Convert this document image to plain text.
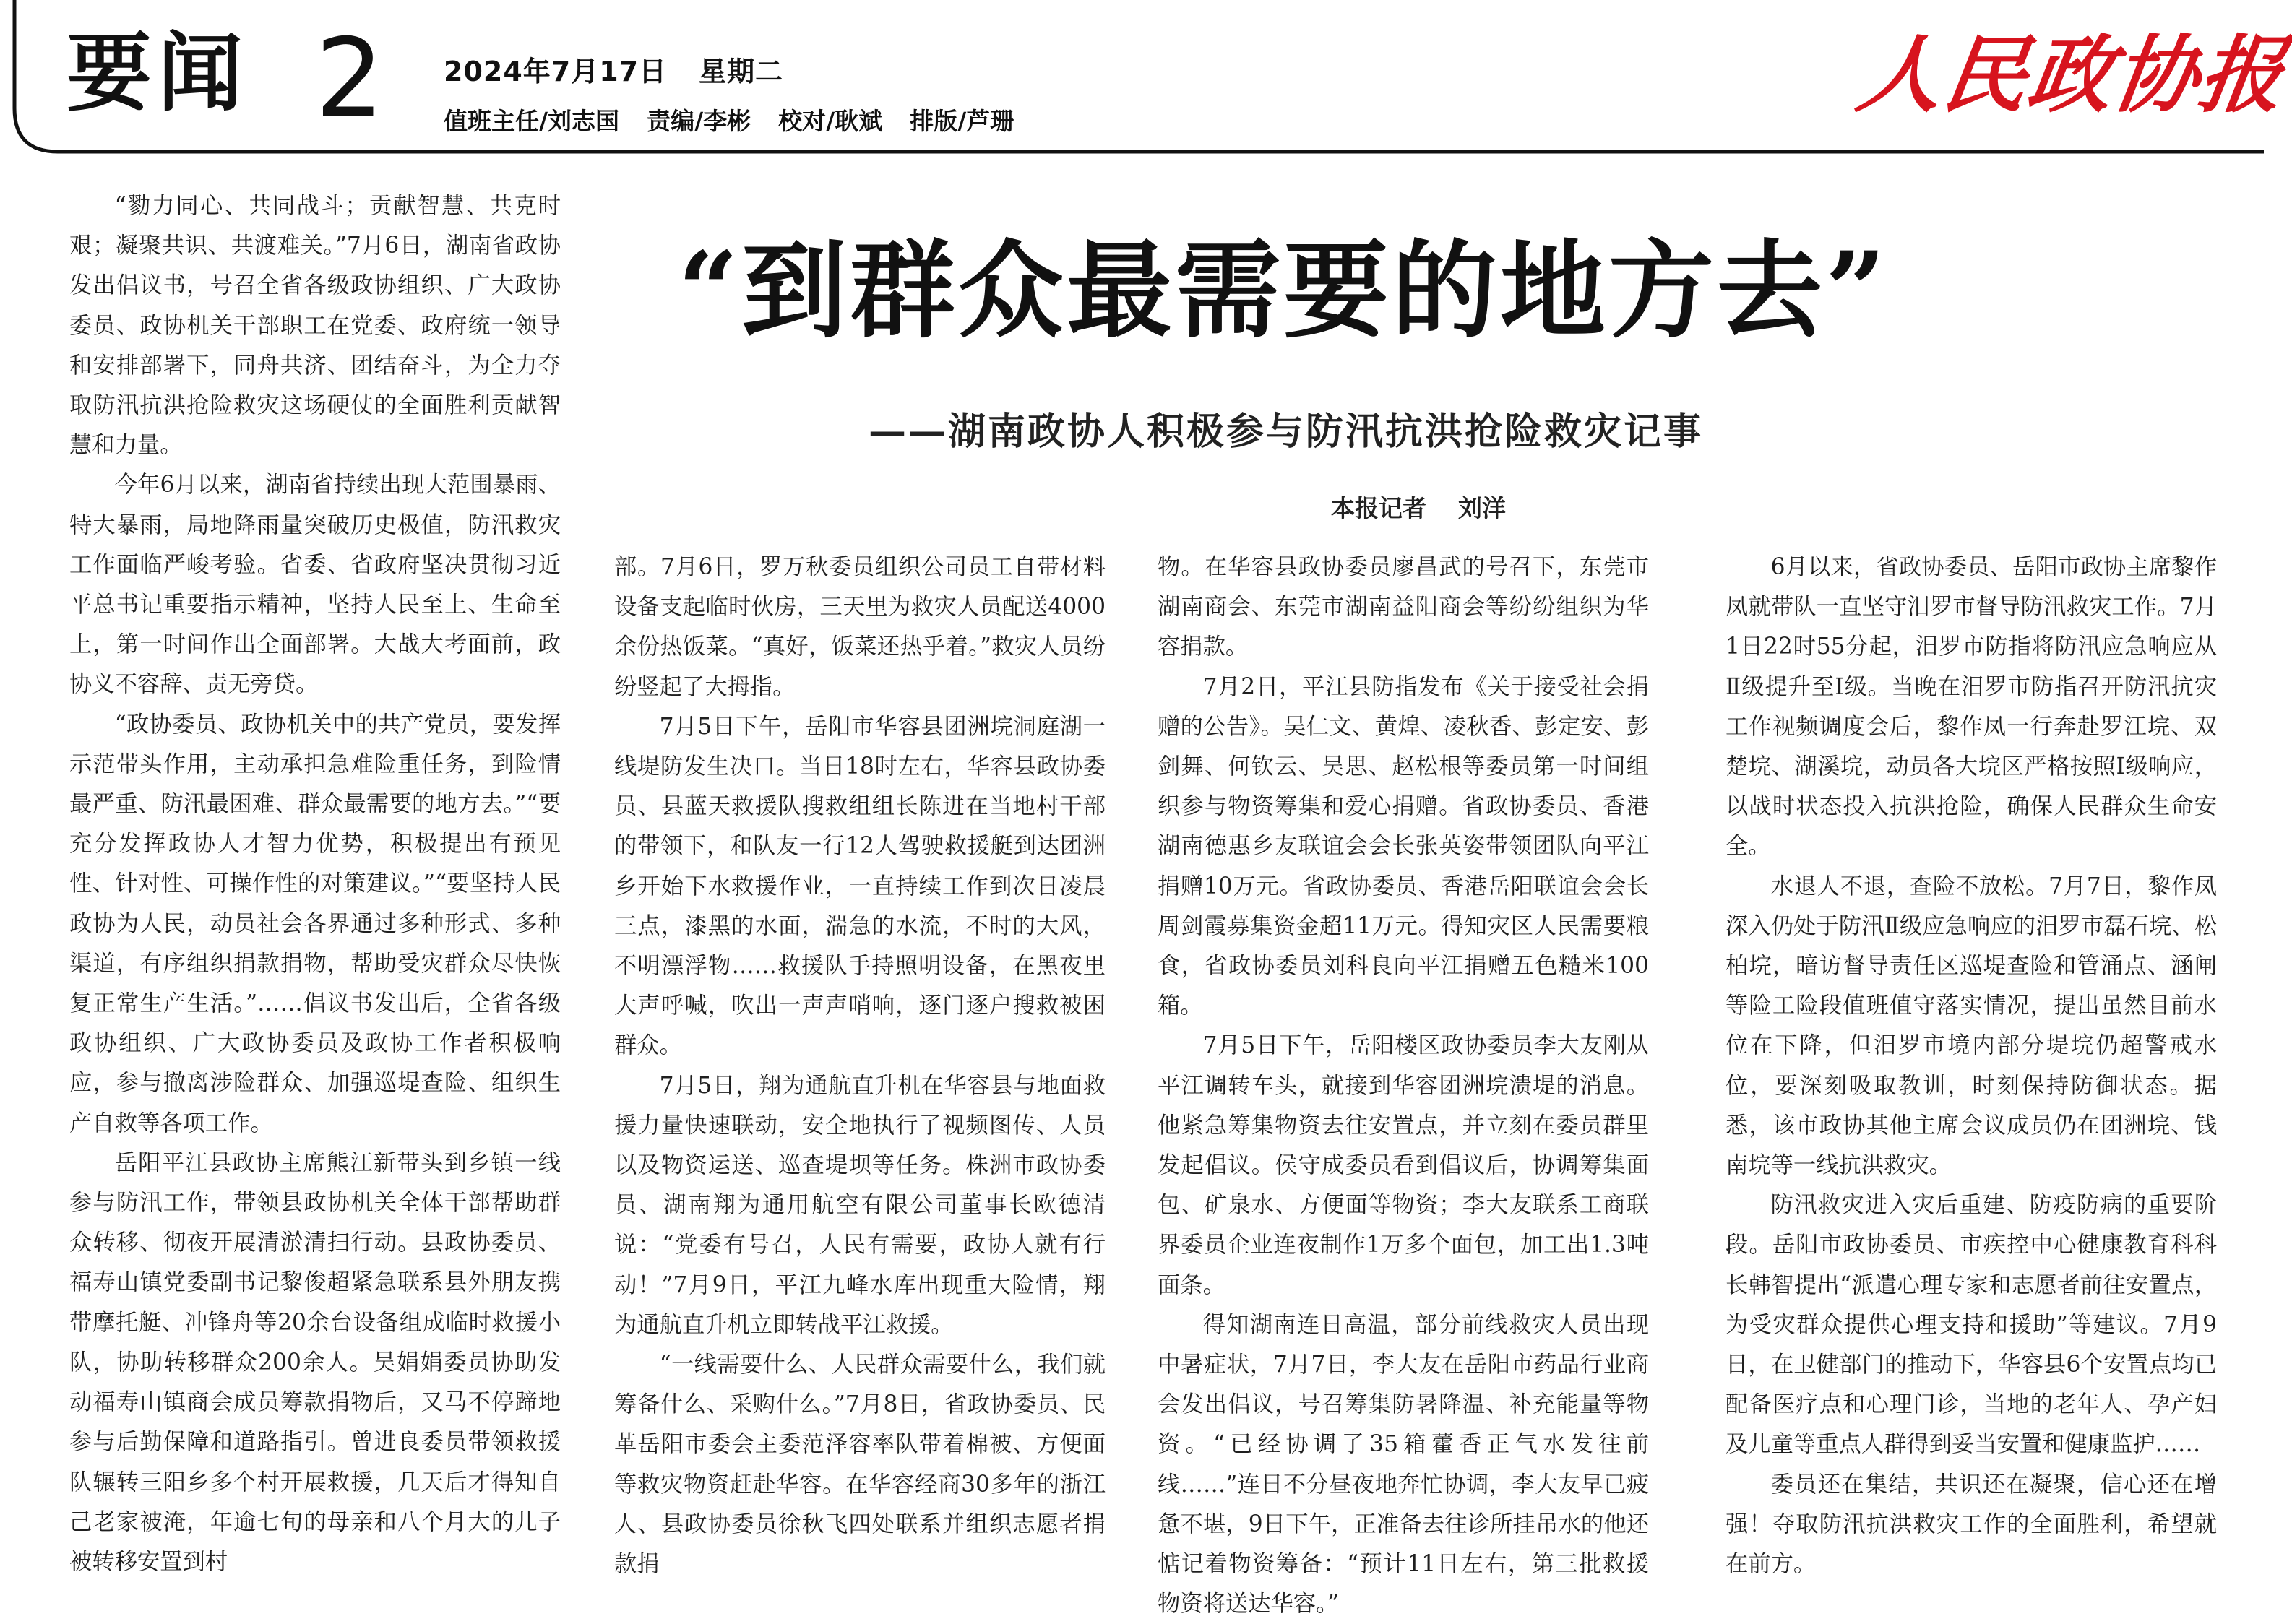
要闻 2 2024年7月17日 星期二
值班主任/刘志国 责编/李彬 校对/耿斌 排版/芦珊	人民政协报
“到群众最需要的地方去”
——湖南政协人积极参与防汛抗洪抢险救灾记事
本报记者 刘洋

“勠力同心、共同战斗；贡献智慧、共克时艰；凝聚共识、共渡难关。”7月6日，湖南省政协发出倡议书，号召全省各级政协组织、广大政协委员、政协机关干部职工在党委、政府统一领导和安排部署下，同舟共济、团结奋斗，为全力夺取防汛抗洪抢险救灾这场硬仗的全面胜利贡献智慧和力量。

今年6月以来，湖南省持续出现大范围暴雨、特大暴雨，局地降雨量突破历史极值，防汛救灾工作面临严峻考验。省委、省政府坚决贯彻习近平总书记重要指示精神，坚持人民至上、生命至上，第一时间作出全面部署。大战大考面前，政协义不容辞、责无旁贷。

“政协委员、政协机关中的共产党员，要发挥示范带头作用，主动承担急难险重任务，到险情最严重、防汛最困难、群众最需要的地方去。”“要充分发挥政协人才智力优势，积极提出有预见性、针对性、可操作性的对策建议。”“要坚持人民政协为人民，动员社会各界通过多种形式、多种渠道，有序组织捐款捐物，帮助受灾群众尽快恢复正常生产生活。”……倡议书发出后，全省各级政协组织、广大政协委员及政协工作者积极响应，参与撤离涉险群众、加强巡堤查险、组织生产自救等各项工作。

岳阳平江县政协主席熊江新带头到乡镇一线参与防汛工作，带领县政协机关全体干部帮助群众转移、彻夜开展清淤清扫行动。县政协委员、福寿山镇党委副书记黎俊超紧急联系县外朋友携带摩托艇、冲锋舟等20余台设备组成临时救援小队，协助转移群众200余人。吴娟娟委员协助发动福寿山镇商会成员筹款捐物后，又马不停蹄地参与后勤保障和道路指引。曾进良委员带领救援队辗转三阳乡多个村开展救援，几天后才得知自己老家被淹，年逾七旬的母亲和八个月大的儿子被转移安置到村

部。7月6日，罗万秋委员组织公司员工自带材料设备支起临时伙房，三天里为救灾人员配送4000余份热饭菜。“真好，饭菜还热乎着。”救灾人员纷纷竖起了大拇指。

7月5日下午，岳阳市华容县团洲垸洞庭湖一线堤防发生决口。当日18时左右，华容县政协委员、县蓝天救援队搜救组组长陈进在当地村干部的带领下，和队友一行12人驾驶救援艇到达团洲乡开始下水救援作业，一直持续工作到次日凌晨三点，漆黑的水面，湍急的水流，不时的大风，不明漂浮物……救援队手持照明设备，在黑夜里大声呼喊，吹出一声声哨响，逐门逐户搜救被困群众。

7月5日，翔为通航直升机在华容县与地面救援力量快速联动，安全地执行了视频图传、人员以及物资运送、巡查堤坝等任务。株洲市政协委员、湖南翔为通用航空有限公司董事长欧德清说：“党委有号召，人民有需要，政协人就有行动！”7月9日，平江九峰水库出现重大险情，翔为通航直升机立即转战平江救援。

“一线需要什么、人民群众需要什么，我们就筹备什么、采购什么。”7月8日，省政协委员、民革岳阳市委会主委范泽容率队带着棉被、方便面等救灾物资赶赴华容。在华容经商30多年的浙江人、县政协委员徐秋飞四处联系并组织志愿者捐款捐

物。在华容县政协委员廖昌武的号召下，东莞市湖南商会、东莞市湖南益阳商会等纷纷组织为华容捐款。

7月2日，平江县防指发布《关于接受社会捐赠的公告》。吴仁文、黄煌、凌秋香、彭定安、彭剑舞、何钦云、吴思、赵松根等委员第一时间组织参与物资筹集和爱心捐赠。省政协委员、香港湖南德惠乡友联谊会会长张英姿带领团队向平江捐赠10万元。省政协委员、香港岳阳联谊会会长周剑霞募集资金超11万元。得知灾区人民需要粮食，省政协委员刘科良向平江捐赠五色糙米100箱。

7月5日下午，岳阳楼区政协委员李大友刚从平江调转车头，就接到华容团洲垸溃堤的消息。他紧急筹集物资去往安置点，并立刻在委员群里发起倡议。侯守成委员看到倡议后，协调筹集面包、矿泉水、方便面等物资；李大友联系工商联界委员企业连夜制作1万多个面包，加工出1.3吨面条。

得知湖南连日高温，部分前线救灾人员出现中暑症状，7月7日，李大友在岳阳市药品行业商会发出倡议，号召筹集防暑降温、补充能量等物资。“已经协调了35箱藿香正气水发往前线……”连日不分昼夜地奔忙协调，李大友早已疲惫不堪，9日下午，正准备去往诊所挂吊水的他还惦记着物资筹备：“预计11日左右，第三批救援物资将送达华容。”

6月以来，省政协委员、岳阳市政协主席黎作凤就带队一直坚守汨罗市督导防汛救灾工作。7月1日22时55分起，汨罗市防指将防汛应急响应从Ⅱ级提升至Ⅰ级。当晚在汨罗市防指召开防汛抗灾工作视频调度会后，黎作凤一行奔赴罗江垸、双楚垸、湖溪垸，动员各大垸区严格按照Ⅰ级响应，以战时状态投入抗洪抢险，确保人民群众生命安全。

水退人不退，查险不放松。7月7日，黎作凤深入仍处于防汛Ⅱ级应急响应的汨罗市磊石垸、松柏垸，暗访督导责任区巡堤查险和管涌点、涵闸等险工险段值班值守落实情况，提出虽然目前水位在下降，但汨罗市境内部分堤垸仍超警戒水位，要深刻吸取教训，时刻保持防御状态。据悉，该市政协其他主席会议成员仍在团洲垸、钱南垸等一线抗洪救灾。

防汛救灾进入灾后重建、防疫防病的重要阶段。岳阳市政协委员、市疾控中心健康教育科科长韩智提出“派遣心理专家和志愿者前往安置点，为受灾群众提供心理支持和援助”等建议。7月9日，在卫健部门的推动下，华容县6个安置点均已配备医疗点和心理门诊，当地的老年人、孕产妇及儿童等重点人群得到妥当安置和健康监护……

委员还在集结，共识还在凝聚，信心还在增强！夺取防汛抗洪救灾工作的全面胜利，希望就在前方。
